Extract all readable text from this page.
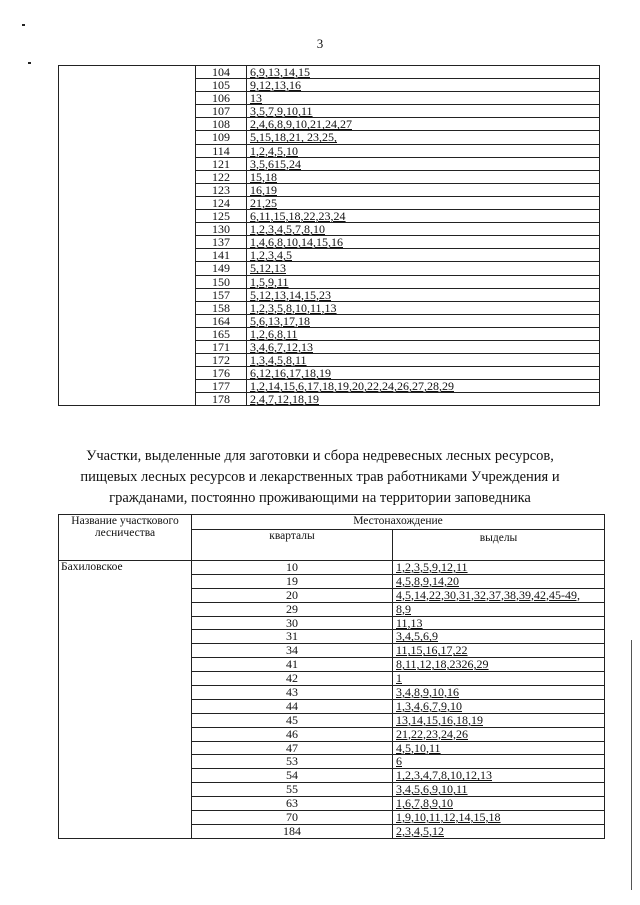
3
	104	6,9,13,14,15
	105	9,12,13,16
	106	13
	107	3,5,7,9,10,11
	108	2,4,6,8,9,10,21,24,27
	109	5,15,18,21, 23,25,
	114	1,2,4,5,10
	121	3,5,615,24
	122	15,18
	123	16,19
	124	21,25
	125	6,11,15,18,22,23,24
	130	1,2,3,4,5,7,8,10
	137	1,4,6,8,10,14,15,16
	141	1,2,3,4,5
	149	5,12,13
	150	1,5,9,11
	157	5,12,13,14,15,23
	158	1,2,3,5,8,10,11,13
	164	5,6,13,17,18
	165	1,2,6,8,11
	171	3,4,6,7,12,13
	172	1,3,4,5,8,11
	176	6,12,16,17,18,19
	177	1,2,14,15,6,17,18,19,20,22,24,26,27,28,29
	178	2,4,7,12,18,19
Участки, выделенные для заготовки и сбора недревесных лесных ресурсов, пищевых лесных ресурсов и лекарственных трав работниками Учреждения и гражданами, постоянно проживающими на территории заповедника
Название участкового лесничества	Местонахождение	
	кварталы	выделы
Бахиловское	10	1,2,3,5,9,12,11
	19	4,5,8,9,14,20
	20	4,5,14,22,30,31,32,37,38,39,42,45-49,
	29	8,9
	30	11,13
	31	3,4,5,6,9
	34	11,15,16,17,22
	41	8,11,12,18,2326,29
	42	1
	43	3,4,8,9,10,16
	44	1,3,4,6,7,9,10
	45	13,14,15,16,18,19
	46	21,22,23,24,26
	47	4,5,10,11
	53	6
	54	1,2,3,4,7,8,10,12,13
	55	3,4,5,6,9,10,11
	63	1,6,7,8,9,10
	70	1,9,10,11,12,14,15,18
	184	2,3,4,5,12
